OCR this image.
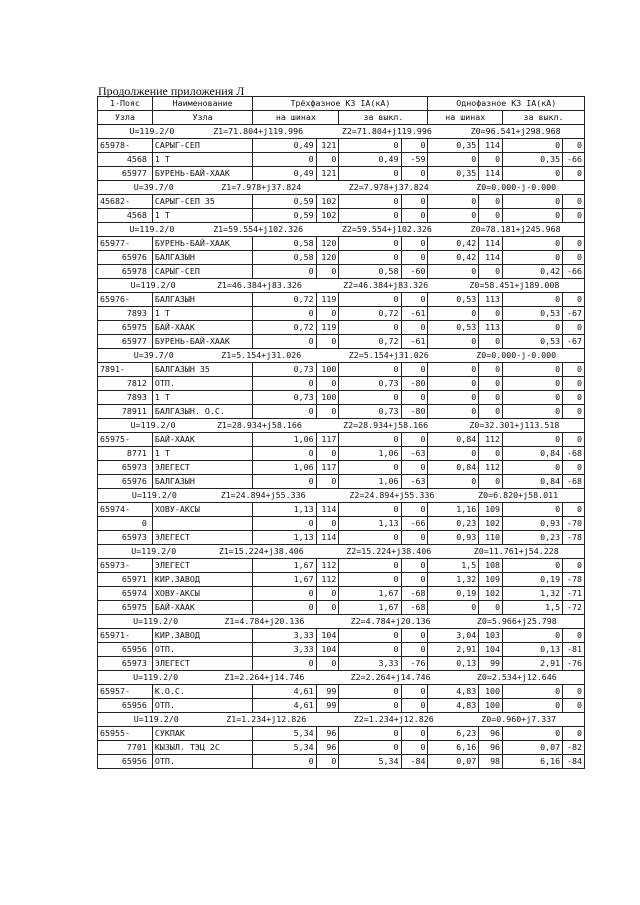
Продолжение приложения Л
1-Пояс	Наименование	Трёхфазное КЗ IA(кА)				Однофазное КЗ IA(кА)			
Узла	Узла	на шинах		за выкл.		на шинах		за выкл.	

U=119.2/0 Z1=71.804+j119.996 Z2=71.804+j119.996 Z0=96.541+j298.968									

65978-	САРЫГ-СЕП	0,49	121	0	0	0,35	114	0	0
4568	1 Т	0	0	0,49	-59	0	0	0,35	-66
65977	БУРЕНЬ-БАЙ-ХААК	0,49	121	0	0	0,35	114	0	0

U=39.7/0 Z1=7.978+j37.824 Z2=7.978+j37.824 Z0=0.000-j-0.000									

45682-	САРЫГ-СЕП 35	0,59	102	0	0	0	0	0	0
4568	1 Т	0,59	102	0	0	0	0	0	0

U=119.2/0 Z1=59.554+j102.326 Z2=59.554+j102.326 Z0=78.181+j245.968									

65977-	БУРЕНЬ-БАЙ-ХААК	0,58	120	0	0	0,42	114	0	0
65976	БАЛГАЗЫН	0,58	120	0	0	0,42	114	0	0
65978	САРЫГ-СЕП	0	0	0,58	-60	0	0	0,42	-66

U=119.2/0 Z1=46.384+j83.326 Z2=46.384+j83.326 Z0=58.451+j189.008									

65976-	БАЛГАЗЫН	0,72	119	0	0	0,53	113	0	0
7893	1 Т	0	0	0,72	-61	0	0	0,53	-67
65975	БАЙ-ХААК	0,72	119	0	0	0,53	113	0	0
65977	БУРЕНЬ-БАЙ-ХААК	0	0	0,72	-61	0	0	0,53	-67

U=39.7/0 Z1=5.154+j31.026 Z2=5.154+j31.026 Z0=0.000-j-0.000									

7891-	БАЛГАЗЫН 35	0,73	100	0	0	0	0	0	0
7812	ОТП.	0	0	0,73	-80	0	0	0	0
7893	1 Т	0,73	100	0	0	0	0	0	0
78911	БАЛГАЗЫН. О.С.	0	0	0,73	-80	0	0	0	0

U=119.2/0 Z1=28.934+j58.166 Z2=28.934+j58.166 Z0=32.301+j113.518									

65975-	БАЙ-ХААК	1,06	117	0	0	0,84	112	0	0
8771	1 Т	0	0	1,06	-63	0	0	0,84	-68
65973	ЭЛЕГЕСТ	1,06	117	0	0	0,84	112	0	0
65976	БАЛГАЗЫН	0	0	1,06	-63	0	0	0,84	-68

U=119.2/0 Z1=24.894+j55.336 Z2=24.894+j55.336 Z0=6.820+j58.011									

65974-	ХОВУ-АКСЫ	1,13	114	0	0	1,16	109	0	0
0		0	0	1,13	-66	0,23	102	0,93	-70
65973	ЭЛЕГЕСТ	1,13	114	0	0	0,93	110	0,23	-78

U=119.2/0 Z1=15.224+j38.406 Z2=15.224+j38.406 Z0=11.761+j54.228									

65973-	ЭЛЕГЕСТ	1,67	112	0	0	1,5	108	0	0
65971	КИР.ЗАВОД	1,67	112	0	0	1,32	109	0,19	-78
65974	ХОВУ-АКСЫ	0	0	1,67	-68	0,19	102	1,32	-71
65975	БАЙ-ХААК	0	0	1,67	-68	0	0	1,5	-72

U=119.2/0 Z1=4.784+j20.136 Z2=4.784+j20.136 Z0=5.966+j25.798									

65971-	КИР.ЗАВОД	3,33	104	0	0	3,04	103	0	0
65956	ОТП.	3,33	104	0	0	2,91	104	0,13	-81
65973	ЭЛЕГЕСТ	0	0	3,33	-76	0,13	99	2,91	-76

U=119.2/0 Z1=2.264+j14.746 Z2=2.264+j14.746 Z0=2.534+j12.646									

65957-	К.О.С.	4,61	99	0	0	4,83	100	0	0
65956	ОТП.	4,61	99	0	0	4,83	100	0	0

U=119.2/0 Z1=1.234+j12.826 Z2=1.234+j12.826 Z0=0.960+j7.337									

65955-	СУКПАК	5,34	96	0	0	6,23	96	0	0
7701	КЫЗЫЛ. ТЭЦ 2С	5,34	96	0	0	6,16	96	0,07	-82
65956	ОТП.	0	0	5,34	-84	0,07	98	6,16	-84
